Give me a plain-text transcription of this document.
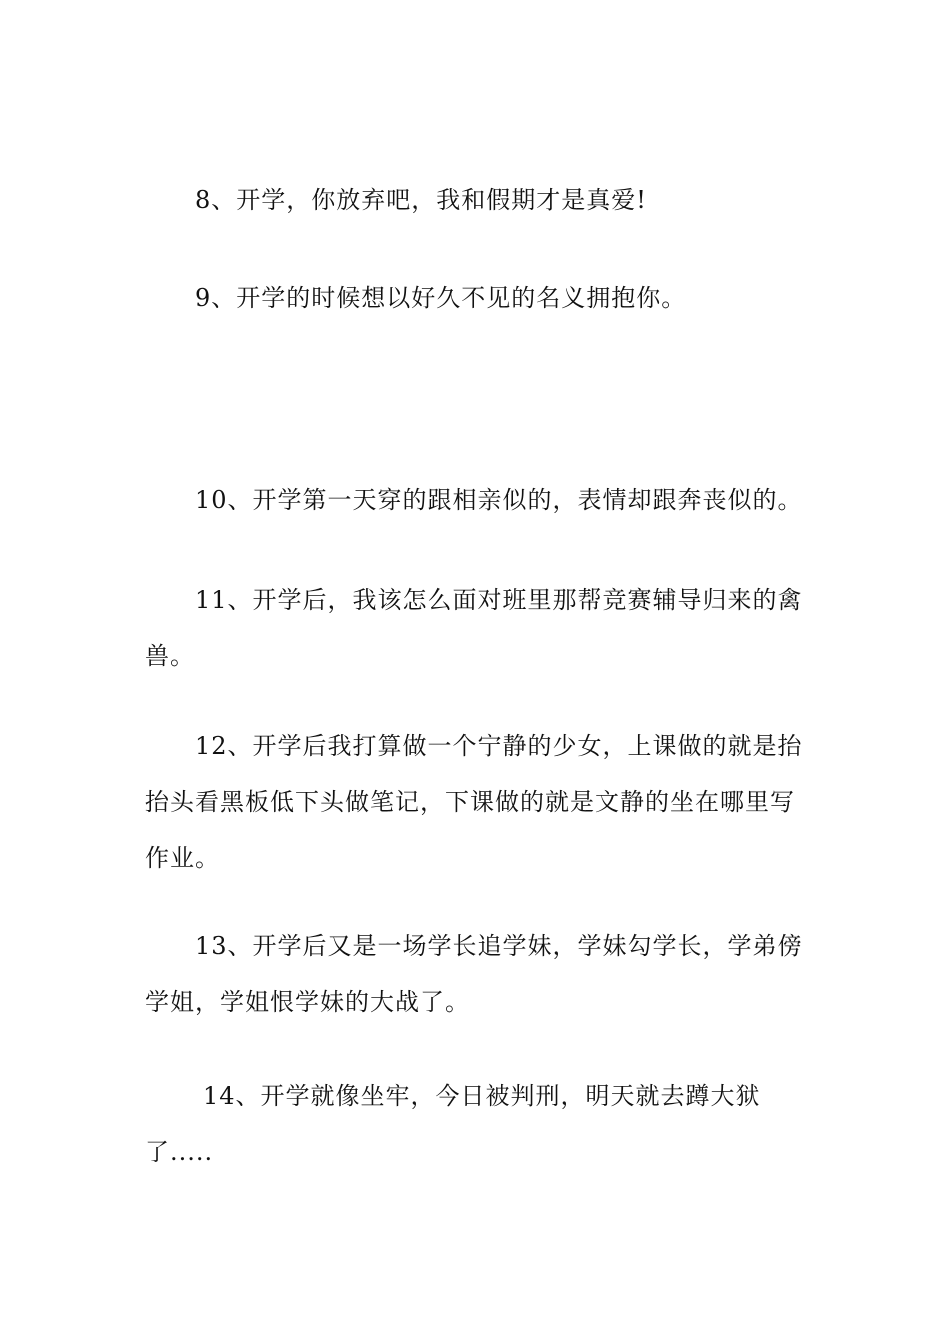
8、开学，你放弃吧，我和假期才是真爱!

9、开学的时候想以好久不见的名义拥抱你。

10、开学第一天穿的跟相亲似的，表情却跟奔丧似的。

11、开学后，我该怎么面对班里那帮竞赛辅导归来的禽兽。

12、开学后我打算做一个宁静的少女，上课做的就是抬抬头看黑板低下头做笔记，下课做的就是文静的坐在哪里写作业。

13、开学后又是一场学长追学妹，学妹勾学长，学弟傍学姐，学姐恨学妹的大战了。

14、开学就像坐牢，今日被判刑，明天就去蹲大狱了.....
